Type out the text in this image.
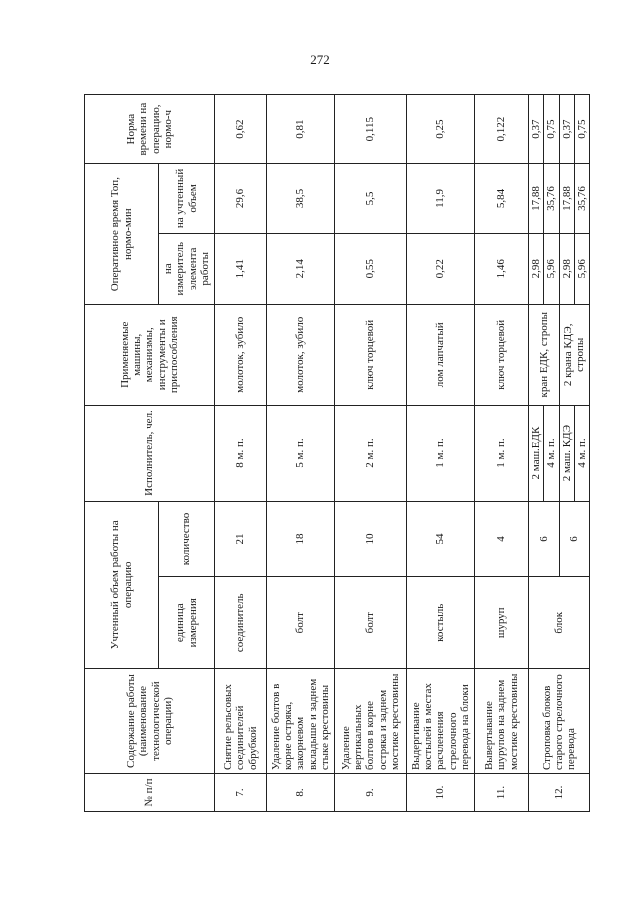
272
№ п/п	Содержание работы (наименование технологической операции)	Учтенный объем работы на операцию		Исполнитель, чел.	Применяемые машины, механизмы, инструменты и приспособления	Оперативное время Топ, нормо-мин		Норма времени на операцию, нормо-ч
		единица измерения	количество			на измеритель элемента работы	на учтенный объем	
7.	Снятие рельсовых соединителей обрубкой	соединитель	21	8 м. п.	молоток, зубило	1,41	29,6	0,62
8.	Удаление болтов в корне остряка, закорневом вкладыше и заднем стыке крестовины	болт	18	5 м. п.	молоток, зубило	2,14	38,5	0,81
9.	Удаление вертикальных болтов в корне остряка и заднем мостике крестовины	болт	10	2 м. п.	ключ торцевой	0,55	5,5	0,115
10.	Выдергивание костылей в местах расчленения стрелочного перевода на блоки	костыль	54	1 м. п.	лом лапчатый	0,22	11,9	0,25
11.	Вывертывание шурупов на заднем мостике крестовины	шуруп	4	1 м. п.	ключ торцевой	1,46	5,84	0,122
12.	Строповка блоков старого стрелочного перевода	блок	6	2 маш.ЕДК	кран ЕДК, стропы	2,98	17,88	0,37
				4 м. п.		5,96	35,76	0,75
			6	2 маш. КДЭ	2 крана КДЭ, стропы	2,98	17,88	0,37
				4 м. п.		5,96	35,76	0,75
